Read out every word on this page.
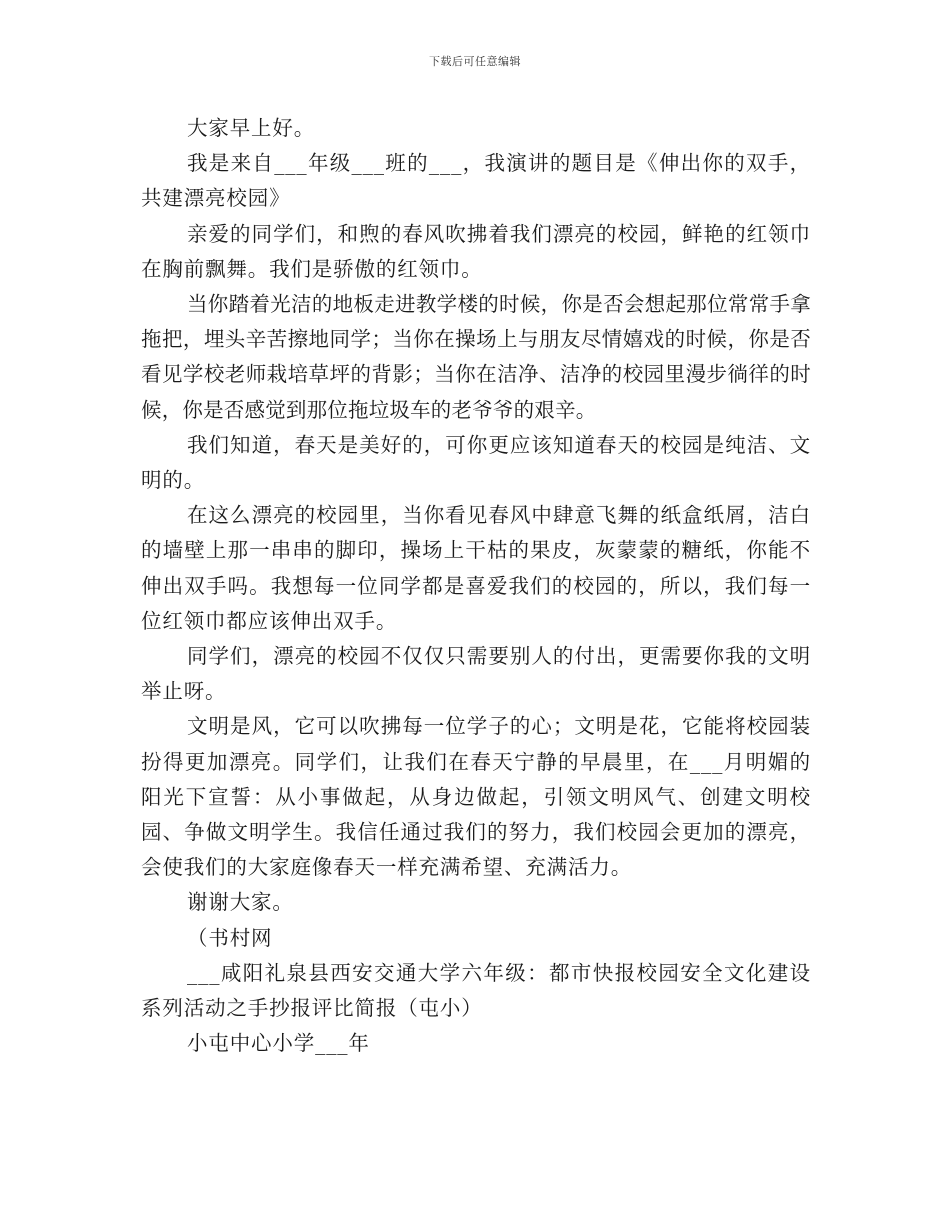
下载后可任意编辑

大家早上好。

我是来自___年级___班的___，我演讲的题目是《伸出你的双手，共建漂亮校园》

亲爱的同学们，和煦的春风吹拂着我们漂亮的校园，鲜艳的红领巾在胸前飘舞。我们是骄傲的红领巾。

当你踏着光洁的地板走进教学楼的时候，你是否会想起那位常常手拿拖把，埋头辛苦擦地同学；当你在操场上与朋友尽情嬉戏的时候，你是否看见学校老师栽培草坪的背影；当你在洁净、洁净的校园里漫步徜徉的时候，你是否感觉到那位拖垃圾车的老爷爷的艰辛。

我们知道，春天是美好的，可你更应该知道春天的校园是纯洁、文明的。

在这么漂亮的校园里，当你看见春风中肆意飞舞的纸盒纸屑，洁白的墙壁上那一串串的脚印，操场上干枯的果皮，灰蒙蒙的糖纸，你能不伸出双手吗。我想每一位同学都是喜爱我们的校园的，所以，我们每一位红领巾都应该伸出双手。

同学们，漂亮的校园不仅仅只需要别人的付出，更需要你我的文明举止呀。

文明是风，它可以吹拂每一位学子的心；文明是花，它能将校园装扮得更加漂亮。同学们，让我们在春天宁静的早晨里，在___月明媚的阳光下宣誓：从小事做起，从身边做起，引领文明风气、创建文明校园、争做文明学生。我信任通过我们的努力，我们校园会更加的漂亮，会使我们的大家庭像春天一样充满希望、充满活力。

谢谢大家。

（书村网

___咸阳礼泉县西安交通大学六年级：都市快报校园安全文化建设系列活动之手抄报评比简报（屯小）

小屯中心小学___年
